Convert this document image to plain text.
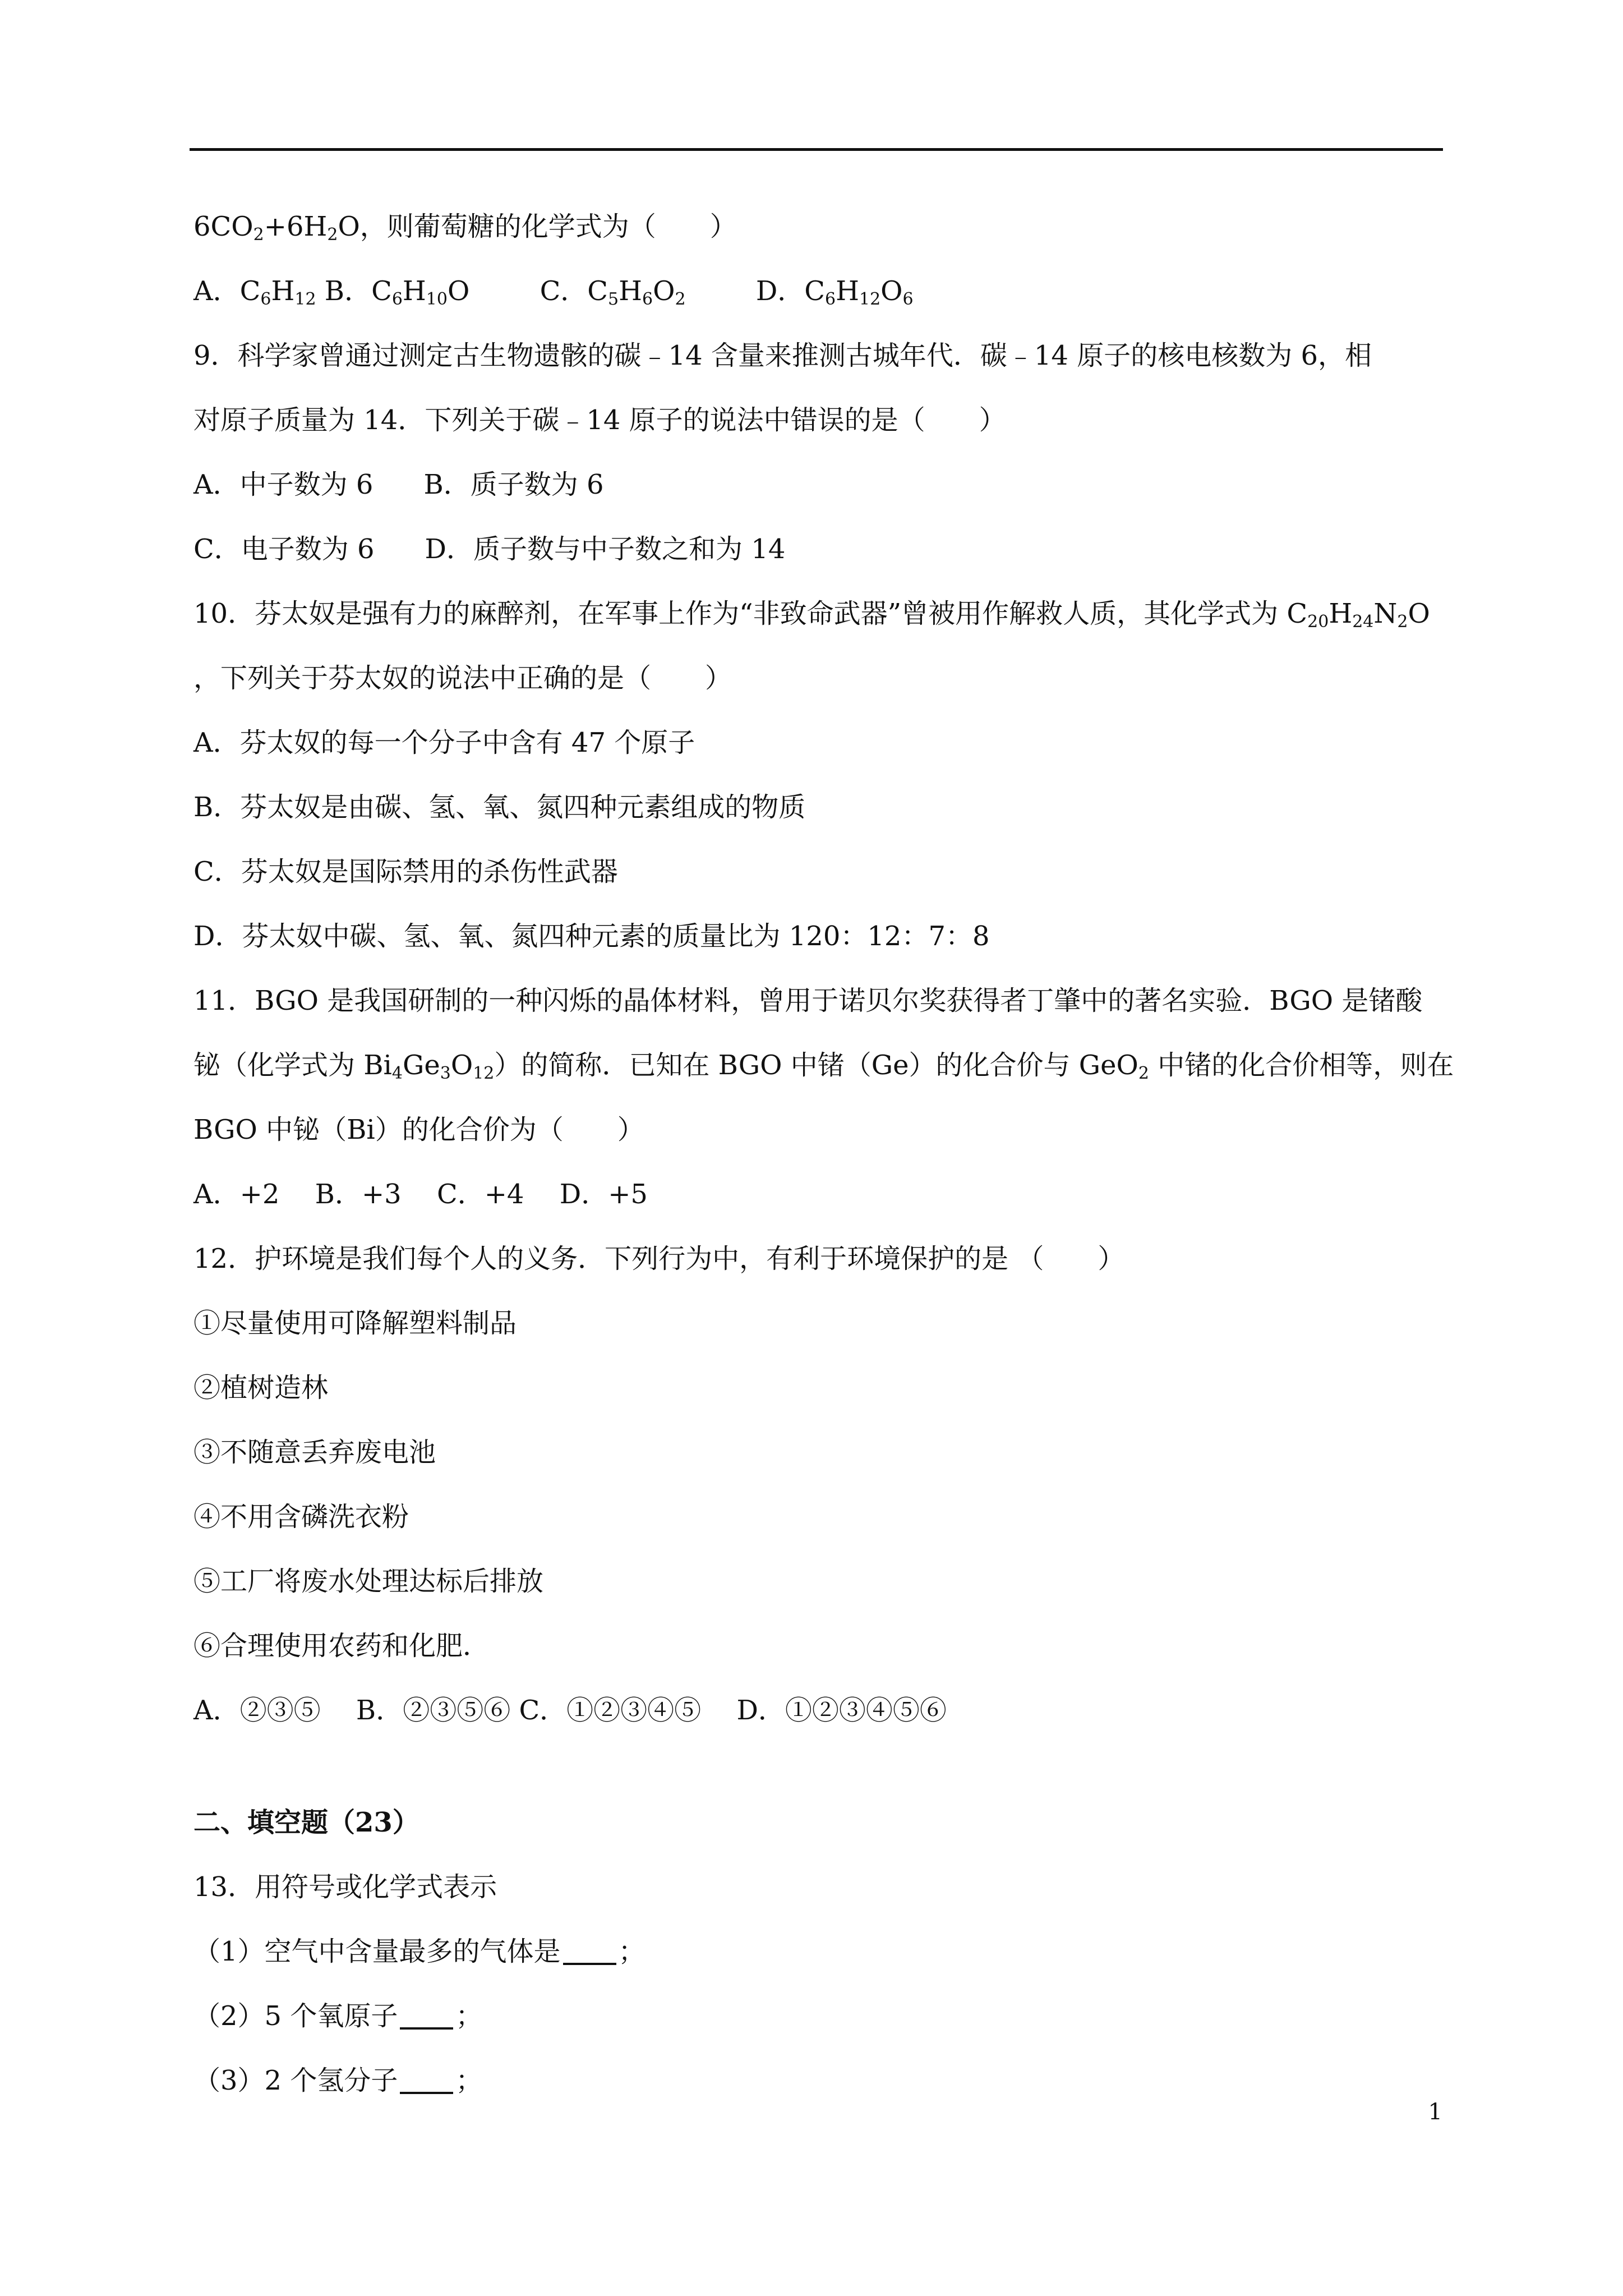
$6CO_2+6H_2O$，则葡萄糖的化学式为（　　）
A．$C_6H_{12}$ B．$C_6H_{10}O$	C．$C_5H_6O_2$	D．$C_6H_{12}O_6$
9．科学家曾通过测定古生物遗骸的碳﹣14 含量来推测古城年代．碳﹣14 原子的核电核数为 6，相
对原子质量为 14．下列关于碳﹣14 原子的说法中错误的是（　　）
A．中子数为 6 B．质子数为 6
C．电子数为 6 D．质子数与中子数之和为 14
10．芬太奴是强有力的麻醉剂，在军事上作为“非致命武器”曾被用作解救人质，其化学式为 $C_{20}H_{24}N_2O$
，下列关于芬太奴的说法中正确的是（　　）
A．芬太奴的每一个分子中含有 47 个原子
B．芬太奴是由碳、氢、氧、氮四种元素组成的物质
C．芬太奴是国际禁用的杀伤性武器
D．芬太奴中碳、氢、氧、氮四种元素的质量比为 120：12：7：8
11．BGO 是我国研制的一种闪烁的晶体材料，曾用于诺贝尔奖获得者丁肇中的著名实验．BGO 是锗酸
铋（化学式为 $Bi_4Ge_3O_{12}$）的简称．已知在 BGO 中锗（Ge）的化合价与 GeO$_2$ 中锗的化合价相等，则在
BGO 中铋（Bi）的化合价为（　　）
A．+2　 B．+3　 C．+4　 D．+5
12．护环境是我们每个人的义务．下列行为中，有利于环境保护的是 （　　）
①尽量使用可降解塑料制品
②植树造林
③不随意丢弃废电池
④不用含磷洗衣粉
⑤工厂将废水处理达标后排放
⑥合理使用农药和化肥．
A．②③⑤　 B．②③⑤⑥ C．①②③④⑤　 D．①②③④⑤⑥
二、填空题（23）
13．用符号或化学式表示
（1）空气中含量最多的气体是 ；
（2）5 个氧原子 ；
（3）2 个氢分子 ；
1
